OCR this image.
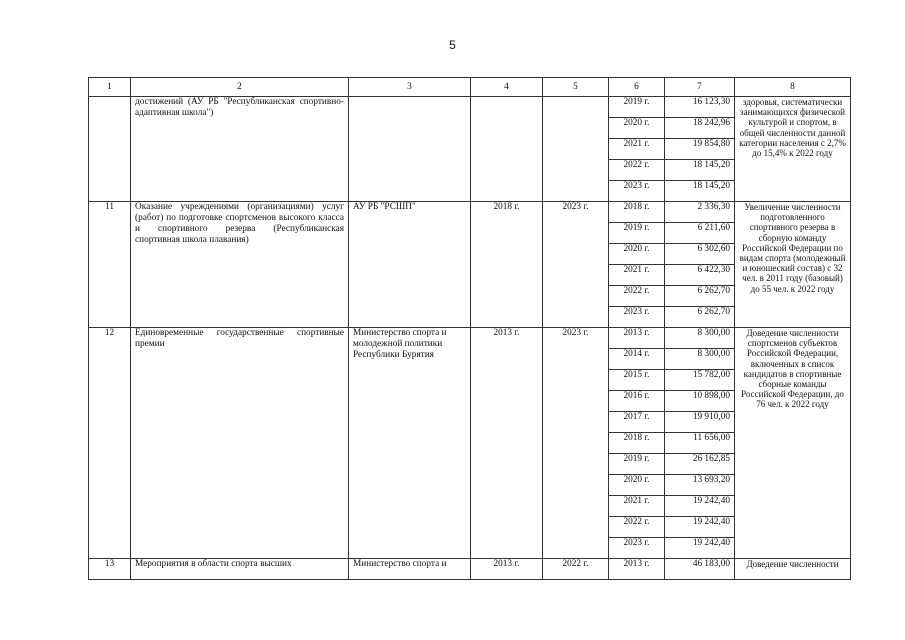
5
1	2	3	4	5	6	7	8
	достижений (АУ РБ "Республиканская спортивно-адаптивная школа")				2019 г.	16 123,30	здоровья, систематически занимающихся физической культурой и спортом, в общей численности данной категории населения с 2,7% до 15,4% к 2022 году
					2020 г.	18 242,96	
					2021 г.	19 854,80	
					2022 г.	18 145,20	
					2023 г.	18 145,20	
11	Оказание учреждениями (организациями) услуг (работ) по подготовке спортсменов высокого класса и спортивного резерва (Республиканская спортивная школа плавания)	АУ РБ "РСШП"	2018 г.	2023 г.	2018 г.	2 336,30	Увеличение численности подготовленного спортивного резерва в сборную команду Российской Федерации по видам спорта (молодежный и юношеский состав) с 32 чел. в 2011 году (базовый) до 55 чел. к 2022 году
					2019 г.	6 211,60	
					2020 г.	6 302,60	
					2021 г.	6 422,30	
					2022 г.	6 262,70	
					2023 г.	6 262,70	
12	Единовременные государственные спортивные премии	Министерство спорта и молодежной политики Республики Бурятия	2013 г.	2023 г.	2013 г.	8 300,00	Доведение численности спортсменов субъектов Российской Федерации, включенных в список кандидатов в спортивные сборные команды Российской Федерации, до 76 чел. к 2022 году
					2014 г.	8 300,00	
					2015 г.	15 782,00	
					2016 г.	10 898,00	
					2017 г.	19 910,00	
					2018 г.	11 656,00	
					2019 г.	26 162,85	
					2020 г.	13 693,20	
					2021 г.	19 242,40	
					2022 г.	19 242,40	
					2023 г.	19 242,40	
13	Мероприятия в области спорта высших	Министерство спорта и	2013 г.	2022 г.	2013 г.	46 183,00	Доведение численности
